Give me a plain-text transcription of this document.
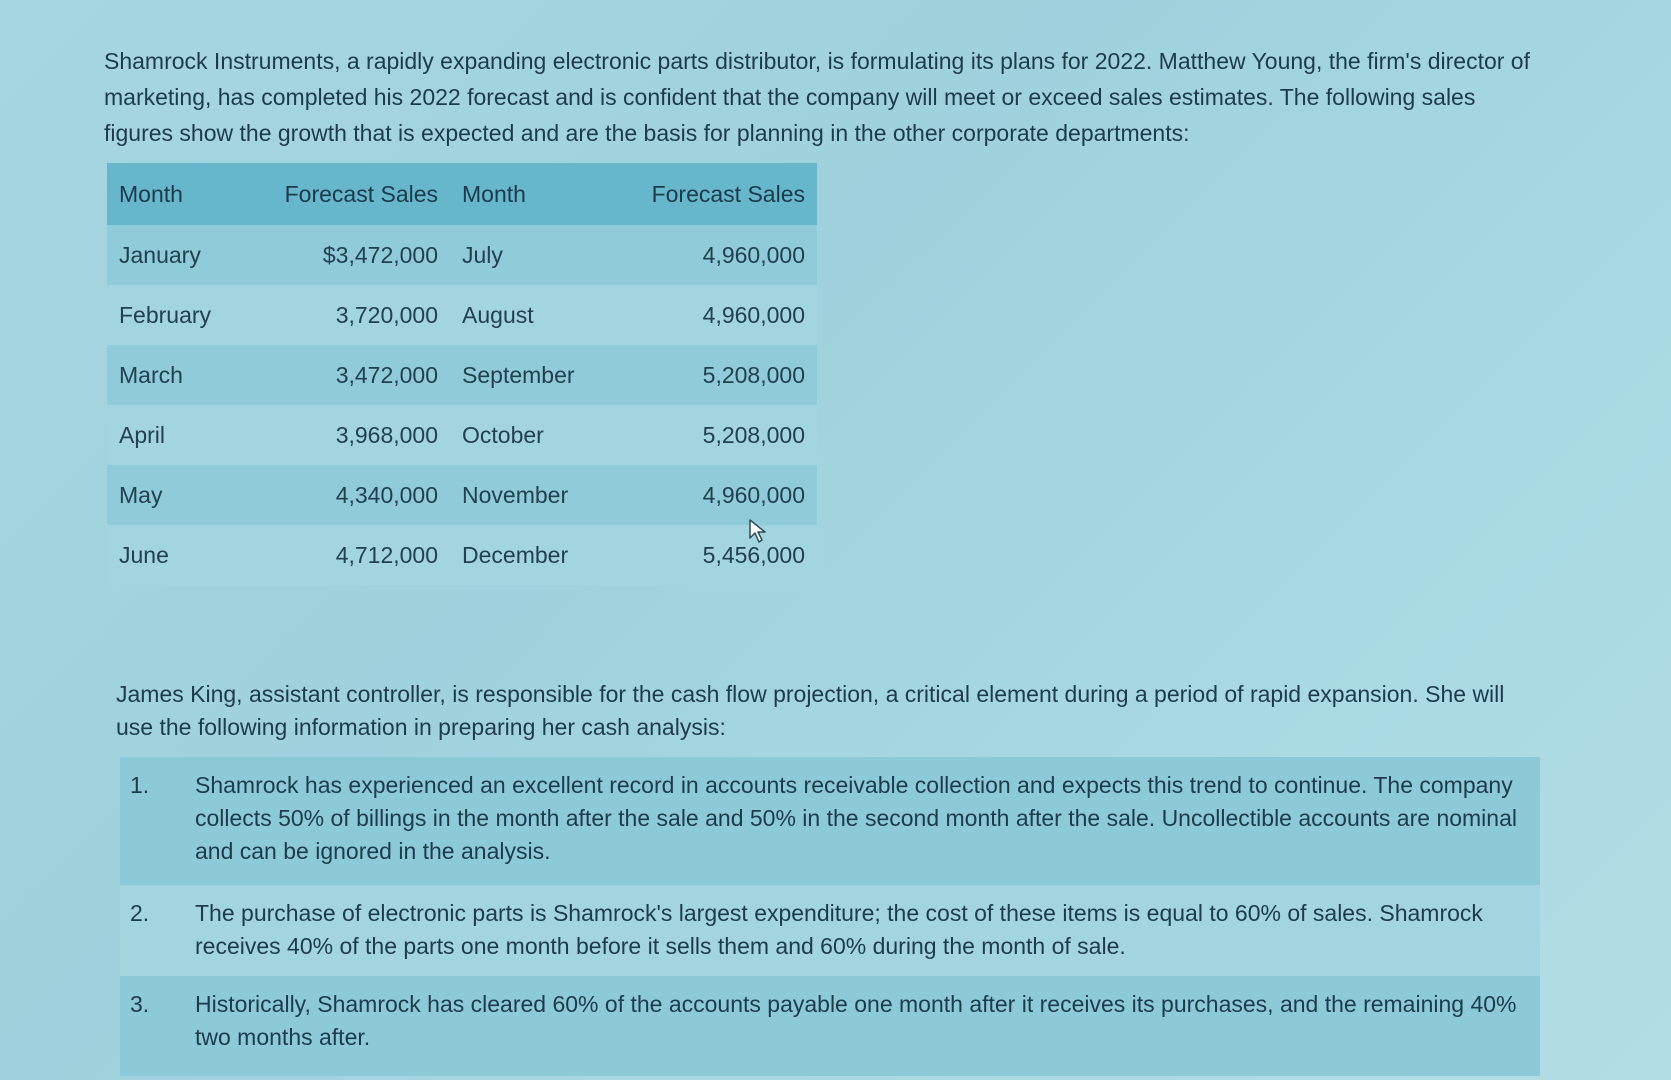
Shamrock Instruments, a rapidly expanding electronic parts distributor, is formulating its plans for 2022. Matthew Young, the firm's director of marketing, has completed his 2022 forecast and is confident that the company will meet or exceed sales estimates. The following sales figures show the growth that is expected and are the basis for planning in the other corporate departments:

Month	Forecast Sales	Month	Forecast Sales
January	$3,472,000	July	4,960,000
February	3,720,000	August	4,960,000
March	3,472,000	September	5,208,000
April	3,968,000	October	5,208,000
May	4,340,000	November	4,960,000
June	4,712,000	December	5,456,000

James King, assistant controller, is responsible for the cash flow projection, a critical element during a period of rapid expansion. She will use the following information in preparing her cash analysis:

1. Shamrock has experienced an excellent record in accounts receivable collection and expects this trend to continue. The company collects 50% of billings in the month after the sale and 50% in the second month after the sale. Uncollectible accounts are nominal and can be ignored in the analysis.
2. The purchase of electronic parts is Shamrock's largest expenditure; the cost of these items is equal to 60% of sales. Shamrock receives 40% of the parts one month before it sells them and 60% during the month of sale.
3. Historically, Shamrock has cleared 60% of the accounts payable one month after it receives its purchases, and the remaining 40% two months after.
